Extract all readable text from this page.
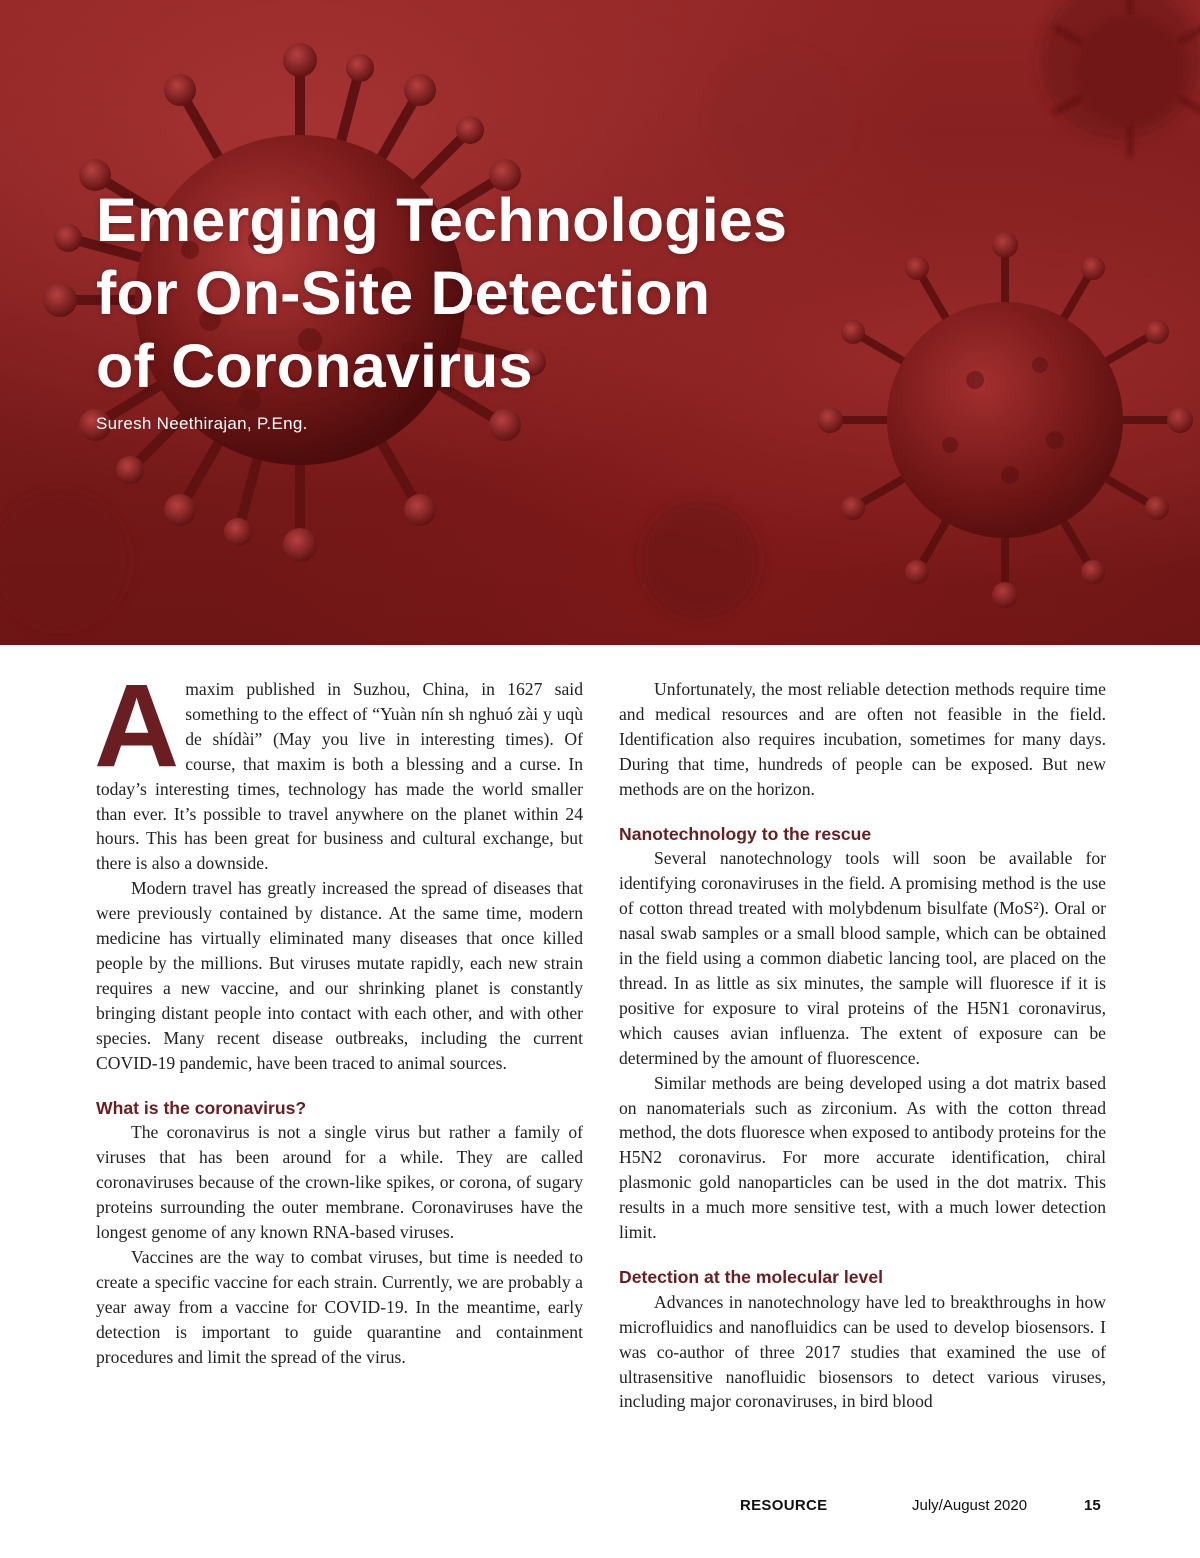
Emerging Technologies
for On-Site Detection
of Coronavirus
Suresh Neethirajan, P.Eng.

Amaxim published in Suzhou, China, in 1627 said something to the effect of “Yuàn nín sh nghuó zài y uqù de shídài” (May you live in interesting times). Of course, that maxim is both a blessing and a curse. In today’s interesting times, technology has made the world smaller than ever. It’s possible to travel anywhere on the planet within 24 hours. This has been great for business and cultural exchange, but there is also a downside.

Modern travel has greatly increased the spread of diseases that were previously contained by distance. At the same time, modern medicine has virtually eliminated many diseases that once killed people by the millions. But viruses mutate rapidly, each new strain requires a new vaccine, and our shrinking planet is constantly bringing distant people into contact with each other, and with other species. Many recent disease outbreaks, including the current COVID-19 pandemic, have been traced to animal sources.

What is the coronavirus?

The coronavirus is not a single virus but rather a family of viruses that has been around for a while. They are called coronaviruses because of the crown-like spikes, or corona, of sugary proteins surrounding the outer membrane. Coronaviruses have the longest genome of any known RNA-based viruses.

Vaccines are the way to combat viruses, but time is needed to create a specific vaccine for each strain. Currently, we are probably a year away from a vaccine for COVID-19. In the meantime, early detection is important to guide quarantine and containment procedures and limit the spread of the virus.

Unfortunately, the most reliable detection methods require time and medical resources and are often not feasible in the field. Identification also requires incubation, sometimes for many days. During that time, hundreds of people can be exposed. But new methods are on the horizon.

Nanotechnology to the rescue

Several nanotechnology tools will soon be available for identifying coronaviruses in the field. A promising method is the use of cotton thread treated with molybdenum bisulfate (MoS²). Oral or nasal swab samples or a small blood sample, which can be obtained in the field using a common diabetic lancing tool, are placed on the thread. In as little as six minutes, the sample will fluoresce if it is positive for exposure to viral proteins of the H5N1 coronavirus, which causes avian influenza. The extent of exposure can be determined by the amount of fluorescence.

Similar methods are being developed using a dot matrix based on nanomaterials such as zirconium. As with the cotton thread method, the dots fluoresce when exposed to antibody proteins for the H5N2 coronavirus. For more accurate identification, chiral plasmonic gold nanoparticles can be used in the dot matrix. This results in a much more sensitive test, with a much lower detection limit.

Detection at the molecular level

Advances in nanotechnology have led to breakthroughs in how microfluidics and nanofluidics can be used to develop biosensors. I was co-author of three 2017 studies that examined the use of ultrasensitive nanofluidic biosensors to detect various viruses, including major coronaviruses, in bird blood

RESOURCE	July/August 2020	15
